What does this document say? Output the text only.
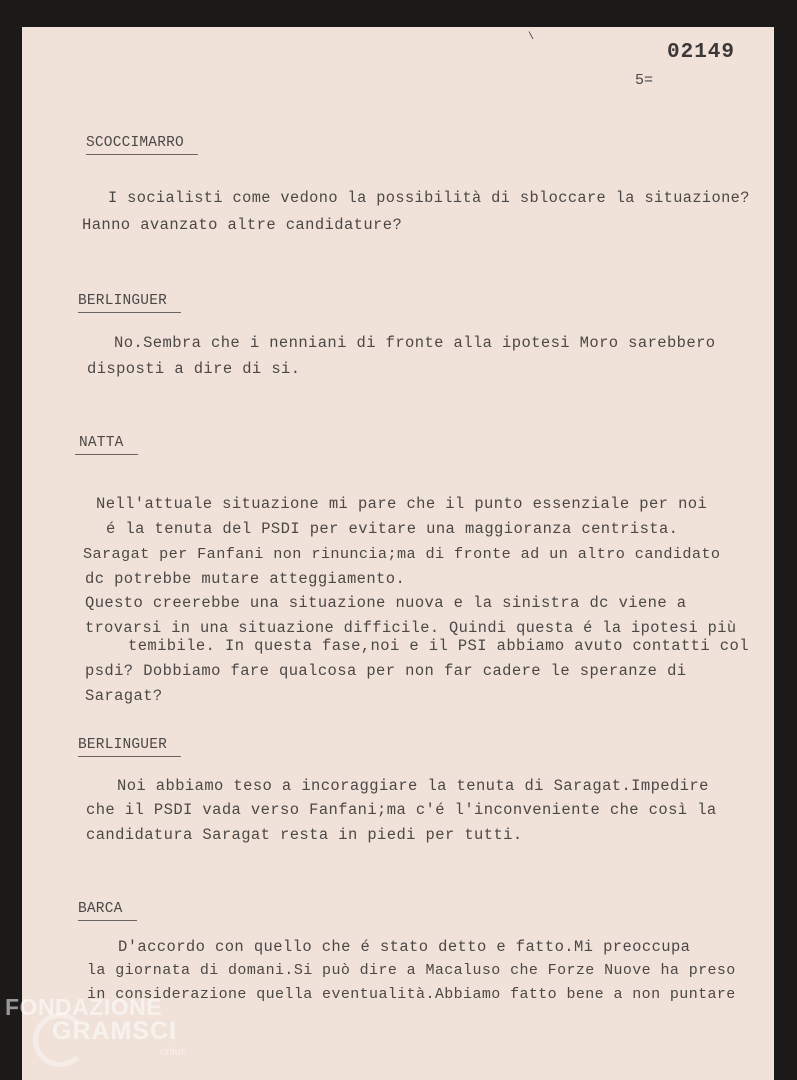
\
02149
5=
SCOCCIMARRO
I socialisti come vedono la possibilità di sbloccare la situazione?
Hanno avanzato altre candidature?
BERLINGUER
No.Sembra che i nenniani di fronte alla ipotesi Moro sarebbero
disposti a dire di si.
NATTA
Nell'attuale situazione mi pare che il punto essenziale per noi
é la tenuta del PSDI per evitare una maggioranza centrista.
Saragat per Fanfani non rinuncia;ma di fronte ad un altro candidato
dc potrebbe mutare atteggiamento.
Questo creerebbe una situazione nuova e la sinistra dc viene a
trovarsi in una situazione difficile. Quindi questa é la ipotesi più
temibile. In questa fase,noi e il PSI abbiamo avuto contatti col
psdi? Dobbiamo fare qualcosa per non far cadere le speranze di
Saragat?
BERLINGUER
Noi abbiamo teso a incoraggiare la tenuta di Saragat.Impedire
che il PSDI vada verso Fanfani;ma c'é l'inconveniente che così la
candidatura Saragat resta in piedi per tutti.
BARCA
D'accordo con quello che é stato detto e fatto.Mi preoccupa
la giornata di domani.Si può dire a Macaluso che Forze Nuove ha preso
in considerazione quella eventualità.Abbiamo fatto bene a non puntare
FONDAZIONE
GRAMSCI
onlus
